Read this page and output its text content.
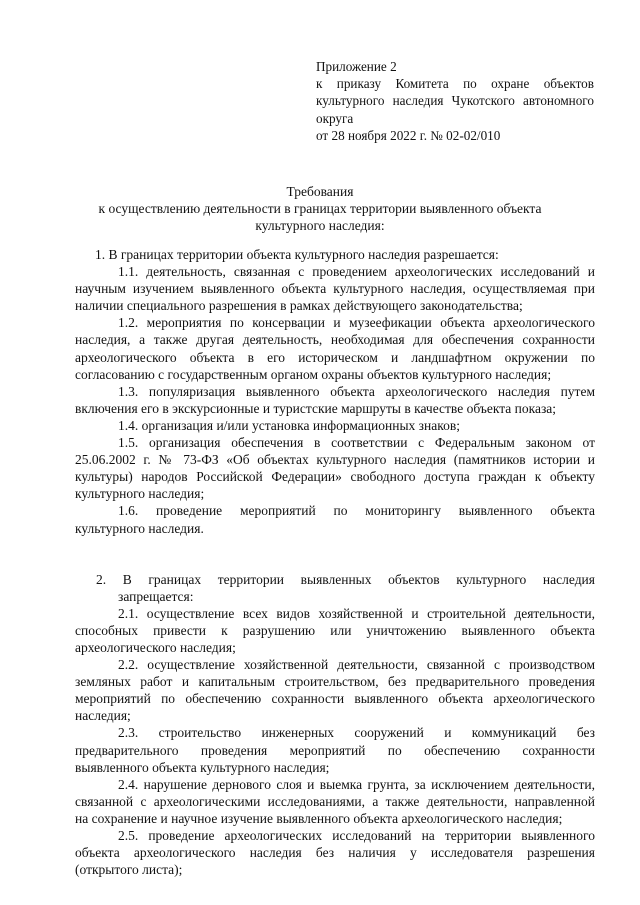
Приложение 2
к приказу Комитета по охране объектов
культурного наследия Чукотского автономного
округа
от 28 ноября 2022 г. № 02-02/010
Требования
к осуществлению деятельности в границах территории выявленного объекта
культурного наследия:
1. В границах территории объекта культурного наследия разрешается:
1.1. деятельность, связанная с проведением археологических исследований и
научным изучением выявленного объекта культурного наследия, осуществляемая при
наличии специального разрешения в рамках действующего законодательства;
1.2. мероприятия по консервации и музеефикации объекта археологического
наследия, а также другая деятельность, необходимая для обеспечения сохранности
археологического объекта в его историческом и ландшафтном окружении по
согласованию с государственным органом охраны объектов культурного наследия;
1.3. популяризация выявленного объекта археологического наследия путем
включения его в экскурсионные и туристские маршруты в качестве объекта показа;
1.4. организация и/или установка информационных знаков;
1.5. организация обеспечения в соответствии с Федеральным законом от
25.06.2002 г. № 73-ФЗ «Об объектах культурного наследия (памятников истории и
культуры) народов Российской Федерации» свободного доступа граждан к объекту
культурного наследия;
1.6. проведение мероприятий по мониторингу выявленного объекта
культурного наследия.
2. В границах территории выявленных объектов культурного наследия
запрещается:
2.1. осуществление всех видов хозяйственной и строительной деятельности,
способных привести к разрушению или уничтожению выявленного объекта
археологического наследия;
2.2. осуществление хозяйственной деятельности, связанной с производством
земляных работ и капитальным строительством, без предварительного проведения
мероприятий по обеспечению сохранности выявленного объекта археологического
наследия;
2.3. строительство инженерных сооружений и коммуникаций без
предварительного проведения мероприятий по обеспечению сохранности
выявленного объекта культурного наследия;
2.4. нарушение дернового слоя и выемка грунта, за исключением деятельности,
связанной с археологическими исследованиями, а также деятельности, направленной
на сохранение и научное изучение выявленного объекта археологического наследия;
2.5. проведение археологических исследований на территории выявленного
объекта археологического наследия без наличия у исследователя разрешения
(открытого листа);
